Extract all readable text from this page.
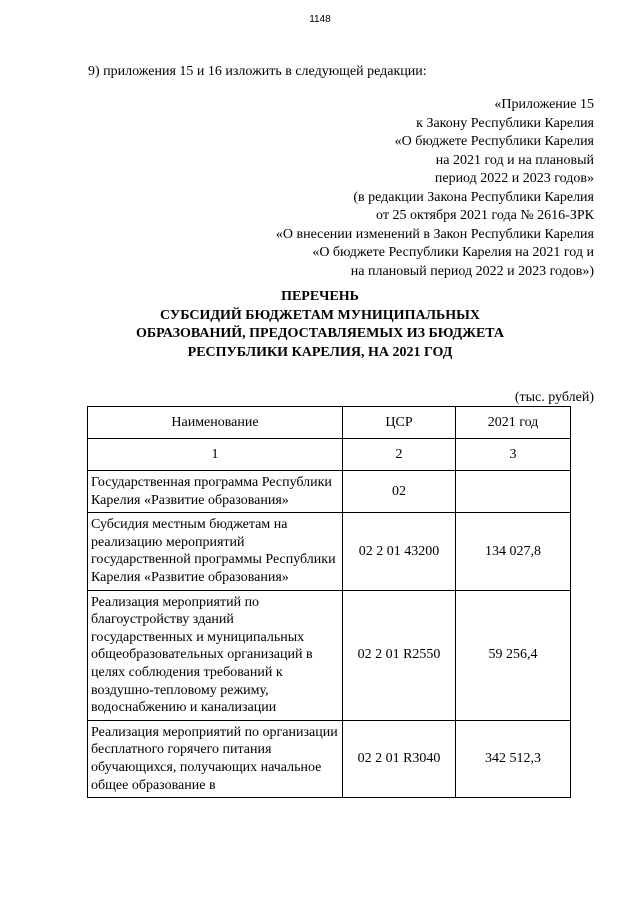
1148
9) приложения 15 и 16 изложить в следующей редакции:
«Приложение 15
к Закону Республики Карелия
«О бюджете Республики Карелия
на 2021 год и на плановый
период 2022 и 2023 годов»
(в редакции Закона Республики Карелия
от 25 октября 2021 года № 2616-ЗРК
«О внесении изменений в Закон Республики Карелия
«О бюджете Республики Карелия на 2021 год и
на плановый период 2022 и 2023 годов»)
ПЕРЕЧЕНЬ
СУБСИДИЙ БЮДЖЕТАМ МУНИЦИПАЛЬНЫХ
ОБРАЗОВАНИЙ, ПРЕДОСТАВЛЯЕМЫХ ИЗ БЮДЖЕТА
РЕСПУБЛИКИ КАРЕЛИЯ, НА 2021 ГОД
(тыс. рублей)
Наименование	ЦСР	2021 год
1	2	3
Государственная программа Республики Карелия «Развитие образования»	02	
Субсидия местным бюджетам на реализацию мероприятий государственной программы Республики Карелия «Развитие образования»	02 2 01 43200	134 027,8
Реализация мероприятий по благоустройству зданий государственных и муниципальных общеобразовательных организаций в целях соблюдения требований к воздушно-тепловому режиму, водоснабжению и канализации	02 2 01 R2550	59 256,4
Реализация мероприятий по организации бесплатного горячего питания обучающихся, получающих начальное общее образование в	02 2 01 R3040	342 512,3
